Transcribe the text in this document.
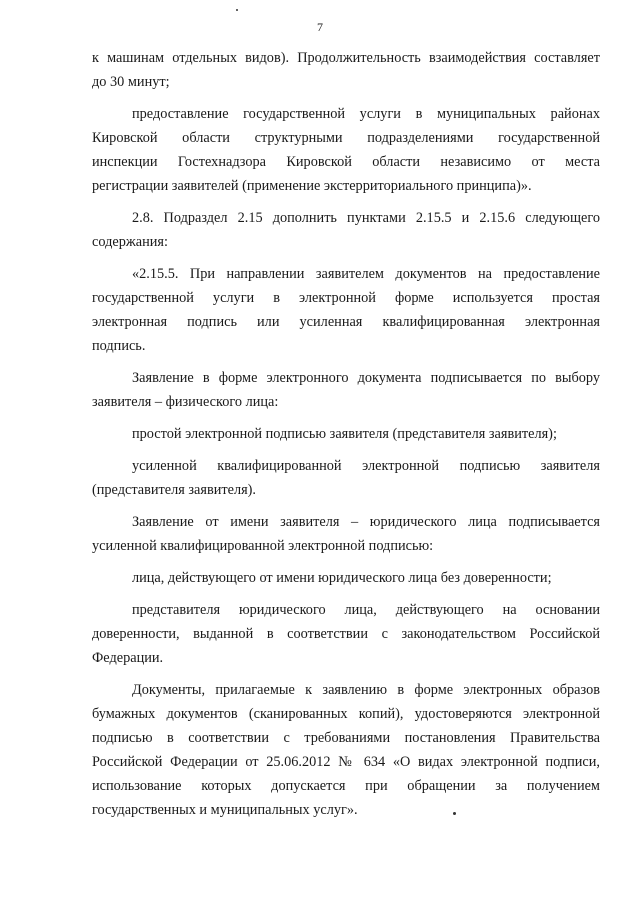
7
к машинам отдельных видов). Продолжительность взаимодействия составляет
до 30 минут;
предоставление государственной услуги в муниципальных районах
Кировской области структурными подразделениями государственной
инспекции Гостехнадзора Кировской области независимо от места
регистрации заявителей (применение экстерриториального принципа)».
2.8. Подраздел 2.15 дополнить пунктами 2.15.5 и 2.15.6 следующего
содержания:
«2.15.5. При направлении заявителем документов на предоставление
государственной услуги в электронной форме используется простая
электронная подпись или усиленная квалифицированная электронная
подпись.
Заявление в форме электронного документа подписывается по выбору
заявителя – физического лица:
простой электронной подписью заявителя (представителя заявителя);
усиленной квалифицированной электронной подписью заявителя
(представителя заявителя).
Заявление от имени заявителя – юридического лица подписывается
усиленной квалифицированной электронной подписью:
лица, действующего от имени юридического лица без доверенности;
представителя юридического лица, действующего на основании
доверенности, выданной в соответствии с законодательством Российской
Федерации.
Документы, прилагаемые к заявлению в форме электронных образов
бумажных документов (сканированных копий), удостоверяются электронной
подписью в соответствии с требованиями постановления Правительства
Российской Федерации от 25.06.2012 № 634 «О видах электронной подписи,
использование которых допускается при обращении за получением
государственных и муниципальных услуг».
